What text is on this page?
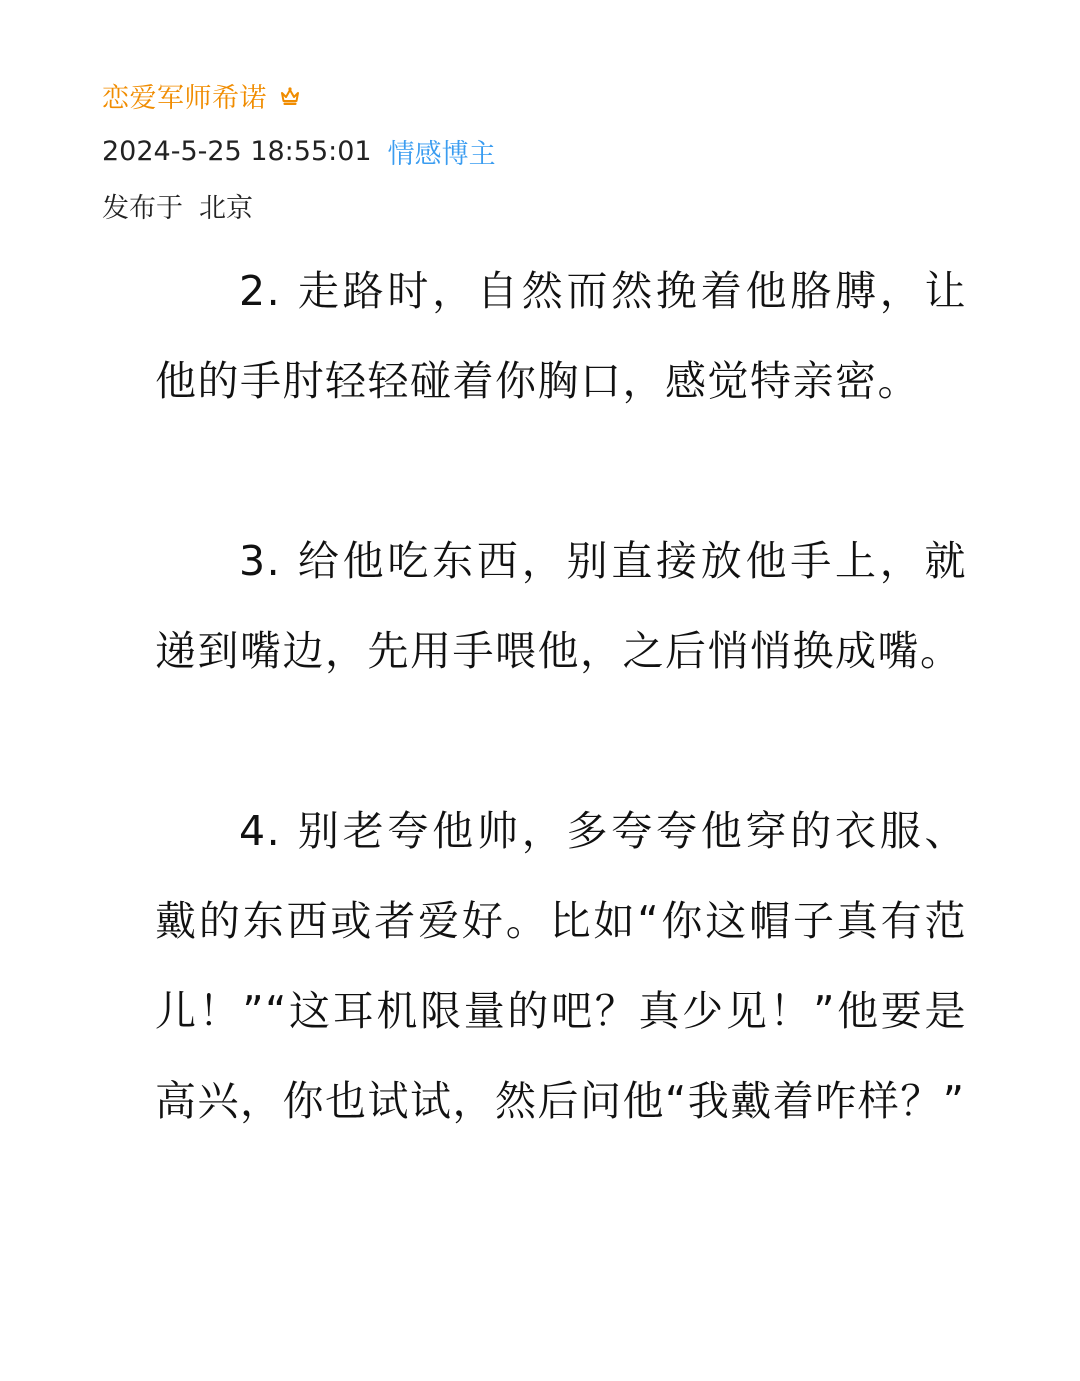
恋爱军师希诺
2024-5-25 18:55:01 情感博主
发布于 北京

2. 走路时，自然而然挽着他胳膊，让他的手肘轻轻碰着你胸口，感觉特亲密。

3. 给他吃东西，别直接放他手上，就递到嘴边，先用手喂他，之后悄悄换成嘴。

4. 别老夸他帅，多夸夸他穿的衣服、戴的东西或者爱好。比如“你这帽子真有范儿！”“这耳机限量的吧？真少见！”他要是高兴，你也试试，然后问他“我戴着咋样？”
